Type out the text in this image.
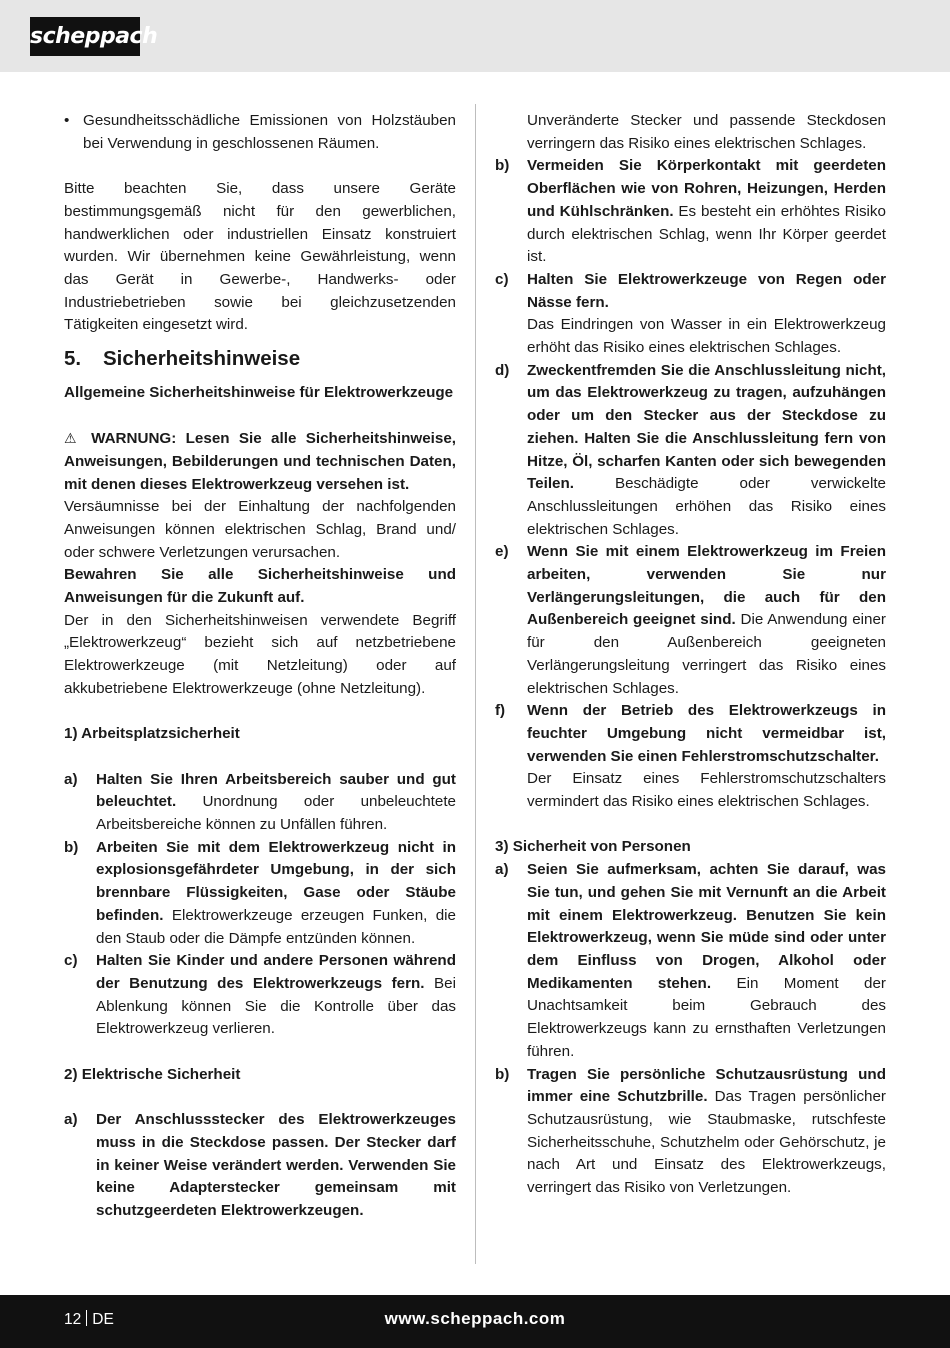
scheppach
• Gesundheitsschädliche Emissionen von Holzstäuben bei Verwendung in geschlossenen Räumen.

Bitte beachten Sie, dass unsere Geräte bestimmungsgemäß nicht für den gewerblichen, handwerklichen oder industriellen Einsatz konstruiert wurden. Wir übernehmen keine Gewährleistung, wenn das Gerät in Gewerbe-, Handwerks- oder Industriebetrieben sowie bei gleichzusetzenden Tätigkeiten eingesetzt wird.

5.	Sicherheitshinweise

Allgemeine Sicherheitshinweise für Elektrowerkzeuge

⚠ WARNUNG: Lesen Sie alle Sicherheitshinweise, Anweisungen, Bebilderungen und technischen Daten, mit denen dieses Elektrowerkzeug versehen ist.

Versäumnisse bei der Einhaltung der nachfolgenden Anweisungen können elektrischen Schlag, Brand und/ oder schwere Verletzungen verursachen.

Bewahren Sie alle Sicherheitshinweise und Anweisungen für die Zukunft auf.

Der in den Sicherheitshinweisen verwendete Begriff „Elektrowerkzeug“ bezieht sich auf netzbetriebene Elektrowerkzeuge (mit Netzleitung) oder auf akkubetriebene Elektrowerkzeuge (ohne Netzleitung).

1) Arbeitsplatzsicherheit

a)	Halten Sie Ihren Arbeitsbereich sauber und gut beleuchtet. Unordnung oder unbeleuchtete Arbeitsbereiche können zu Unfällen führen.
b)	Arbeiten Sie mit dem Elektrowerkzeug nicht in explosionsgefährdeter Umgebung, in der sich brennbare Flüssigkeiten, Gase oder Stäube befinden. Elektrowerkzeuge erzeugen Funken, die den Staub oder die Dämpfe entzünden können.
c)	Halten Sie Kinder und andere Personen während der Benutzung des Elektrowerkzeugs fern. Bei Ablenkung können Sie die Kontrolle über das Elektrowerkzeug verlieren.

2) Elektrische Sicherheit

a)	Der Anschlussstecker des Elektrowerkzeuges muss in die Steckdose passen. Der Stecker darf in keiner Weise verändert werden. Verwenden Sie keine Adapterstecker gemeinsam mit schutzgeerdeten Elektrowerkzeugen.

Unveränderte Stecker und passende Steckdosen verringern das Risiko eines elektrischen Schlages.

b)	Vermeiden Sie Körperkontakt mit geerdeten Oberflächen wie von Rohren, Heizungen, Herden und Kühlschränken. Es besteht ein erhöhtes Risiko durch elektrischen Schlag, wenn Ihr Körper geerdet ist.
c)	Halten Sie Elektrowerkzeuge von Regen oder Nässe fern.
Das Eindringen von Wasser in ein Elektrowerkzeug erhöht das Risiko eines elektrischen Schlages.
d)	Zweckentfremden Sie die Anschlussleitung nicht, um das Elektrowerkzeug zu tragen, aufzuhängen oder um den Stecker aus der Steckdose zu ziehen. Halten Sie die Anschlussleitung fern von Hitze, Öl, scharfen Kanten oder sich bewegenden Teilen. Beschädigte oder verwickelte Anschlussleitungen erhöhen das Risiko eines elektrischen Schlages.
e)	Wenn Sie mit einem Elektrowerkzeug im Freien arbeiten, verwenden Sie nur Verlängerungsleitungen, die auch für den Außenbereich geeignet sind. Die Anwendung einer für den Außenbereich geeigneten Verlängerungsleitung verringert das Risiko eines elektrischen Schlages.
f)	Wenn der Betrieb des Elektrowerkzeugs in feuchter Umgebung nicht vermeidbar ist, verwenden Sie einen Fehlerstromschutzschalter.
Der Einsatz eines Fehlerstromschutzschalters vermindert das Risiko eines elektrischen Schlages.

3) Sicherheit von Personen

a)	Seien Sie aufmerksam, achten Sie darauf, was Sie tun, und gehen Sie mit Vernunft an die Arbeit mit einem Elektrowerkzeug. Benutzen Sie kein Elektrowerkzeug, wenn Sie müde sind oder unter dem Einfluss von Drogen, Alkohol oder Medikamenten stehen. Ein Moment der Unachtsamkeit beim Gebrauch des Elektrowerkzeugs kann zu ernsthaften Verletzungen führen.
b)	Tragen Sie persönliche Schutzausrüstung und immer eine Schutzbrille. Das Tragen persönlicher Schutzausrüstung, wie Staubmaske, rutschfeste Sicherheitsschuhe, Schutzhelm oder Gehörschutz, je nach Art und Einsatz des Elektrowerkzeugs, verringert das Risiko von Verletzungen.
12 DE	www.scheppach.com
